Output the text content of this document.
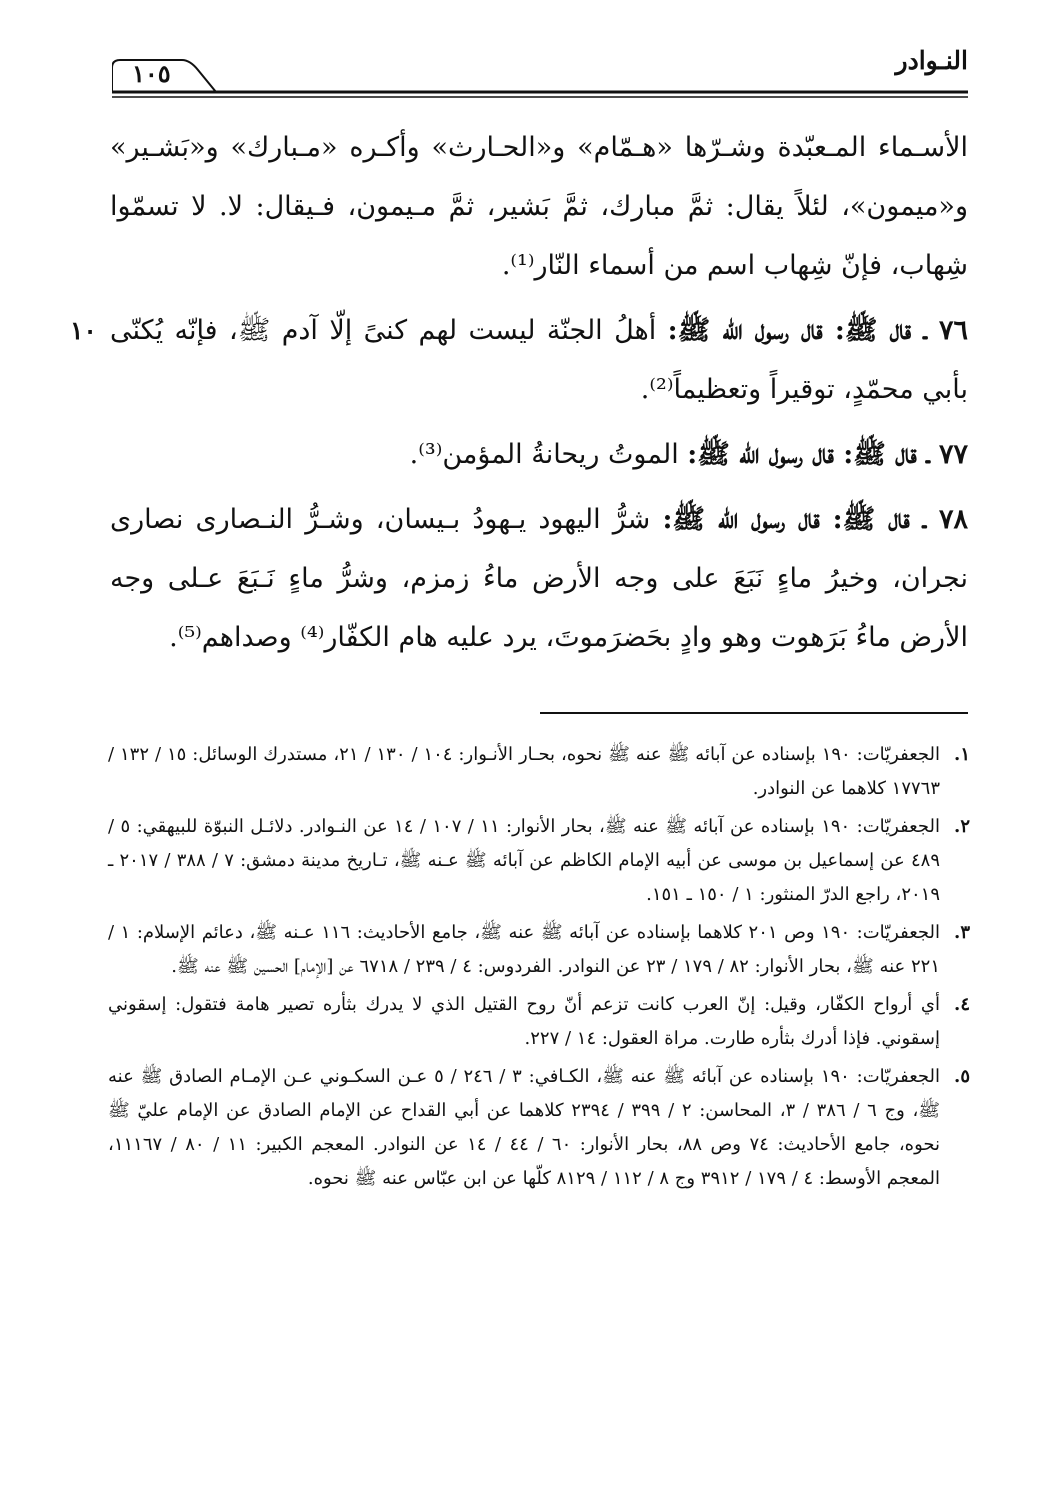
النـوادر
١٠٥

الأسـماء المـعبّدة وشـرّها «هـمّام» و«الحـارث» وأكـره «مـبارك» و«بَشـير» و«ميمون»، لئلاً يقال: ثمَّ مبارك، ثمَّ بَشير، ثمَّ مـيمون، فـيقال: لا. لا تسمّوا شِهاب، فإنّ شِهاب اسم من أسماء النّار⁽¹⁾.

١٠	٧٦ ـ قال ﷺ: قال رسول الله ﷺ: أهلُ الجنّة ليست لهم كنىً إلّا آدم ﷺ، فإنّه يُكنّى بأبي محمّدٍ، توقيراً وتعظيماً⁽²⁾.

٧٧ ـ قال ﷺ: قال رسول الله ﷺ: الموتُ ريحانةُ المؤمن⁽³⁾.

٧٨ ـ قال ﷺ: قال رسول الله ﷺ: شرُّ اليهود يـهودُ بـيسان، وشـرُّ النـصارى نصارى نجران، وخيرُ ماءٍ نَبَعَ على وجه الأرض ماءُ زمزم، وشرُّ ماءٍ نَـبَعَ عـلى وجه الأرض ماءُ بَرَهوت وهو وادٍ بحَضرَموتَ، يرد عليه هام الكفّار⁽⁴⁾ وصداهم⁽⁵⁾.

١.
الجعفريّات: ١٩٠ بإسناده عن آبائه ﷺ عنه ﷺ نحوه، بحـار الأنـوار: ١٠٤ / ١٣٠ / ٢١، مستدرك الوسائل: ١٥ / ١٣٢ / ١٧٧٦٣ كلاهما عن النوادر.
٢.
الجعفريّات: ١٩٠ بإسناده عن آبائه ﷺ عنه ﷺ، بحار الأنوار: ١١ / ١٠٧ / ١٤ عن النـوادر. دلائـل النبوّة للبيهقي: ٥ / ٤٨٩ عن إسماعيل بن موسى عن أبيه الإمام الكاظم عن آبائه ﷺ عـنه ﷺ، تـاريخ مدينة دمشق: ٧ / ٣٨٨ / ٢٠١٧ ـ ٢٠١٩، راجع الدرّ المنثور: ١ / ١٥٠ ـ ١٥١.
٣.
الجعفريّات: ١٩٠ وص ٢٠١ كلاهما بإسناده عن آبائه ﷺ عنه ﷺ، جامع الأحاديث: ١١٦ عـنه ﷺ، دعائم الإسلام: ١ / ٢٢١ عنه ﷺ، بحار الأنوار: ٨٢ / ١٧٩ / ٢٣ عن النوادر. الفردوس: ٤ / ٢٣٩ / ٦٧١٨ عن [الإمام] الحسين ﷺ عنه ﷺ.
٤.
أي أرواح الكفّار، وقيل: إنّ العرب كانت تزعم أنّ روح القتيل الذي لا يدرك بثأره تصير هامة فتقول: إسقوني إسقوني. فإذا أدرك بثأره طارت. مراة العقول: ١٤ / ٢٢٧.
٥.
الجعفريّات: ١٩٠ بإسناده عن آبائه ﷺ عنه ﷺ، الكـافي: ٣ / ٢٤٦ / ٥ عـن السكـوني عـن الإمـام الصادق ﷺ عنه ﷺ، وج ٦ / ٣٨٦ / ٣، المحاسن: ٢ / ٣٩٩ / ٢٣٩٤ كلاهما عن أبي القداح عن الإمام الصادق عن الإمام عليّ ﷺ نحوه، جامع الأحاديث: ٧٤ وص ٨٨، بحار الأنوار: ٦٠ / ٤٤ / ١٤ عن النوادر. المعجم الكبير: ١١ / ٨٠ / ١١١٦٧، المعجم الأوسط: ٤ / ١٧٩ / ٣٩١٢ وج ٨ / ١١٢ / ٨١٢٩ كلّها عن ابن عبّاس عنه ﷺ نحوه.
